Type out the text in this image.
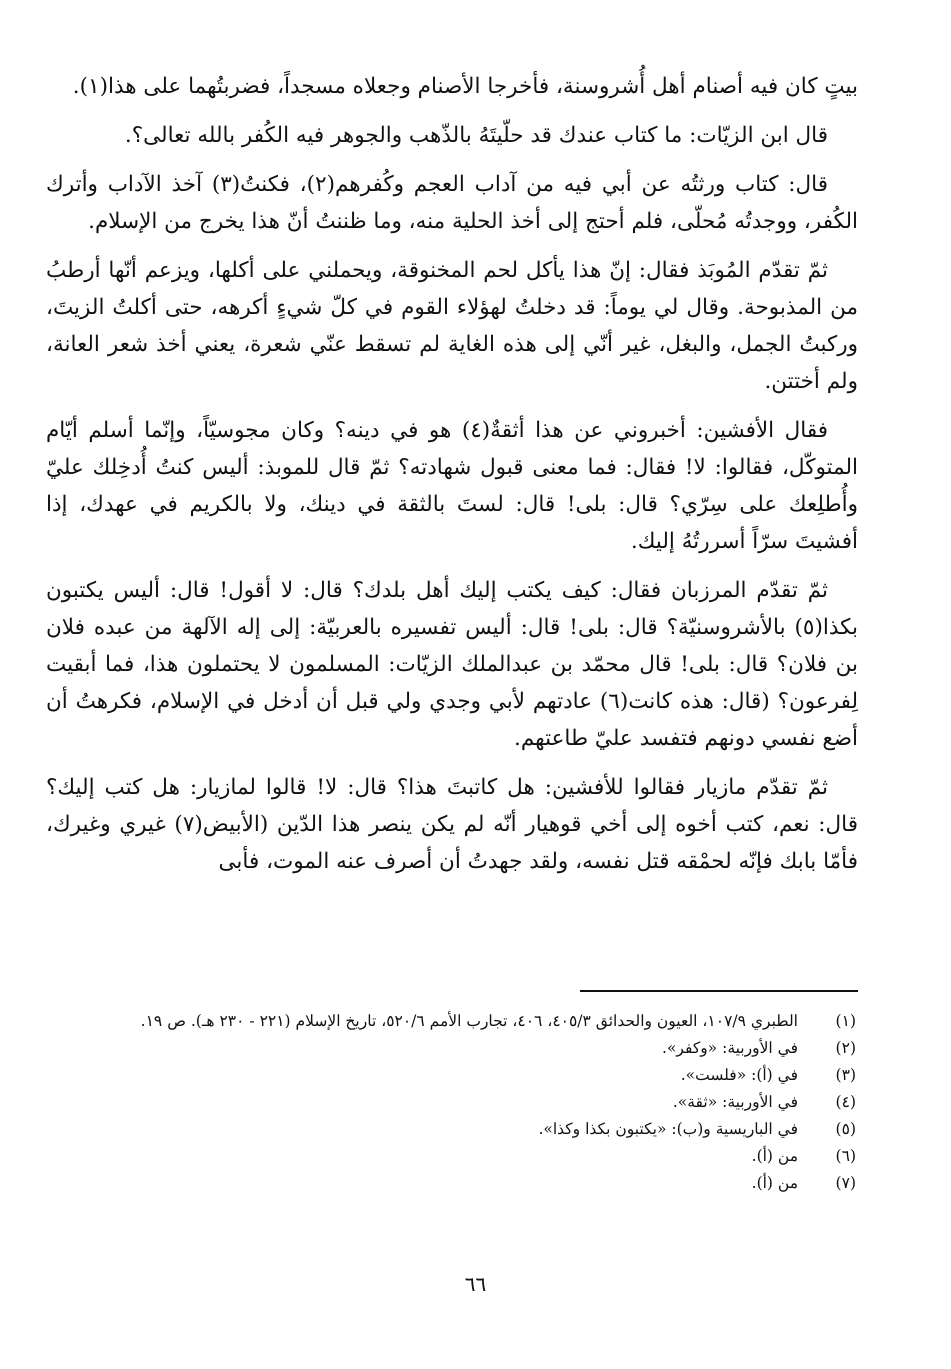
بيتٍ كان فيه أصنام أهل أُشروسنة، فأخرجا الأصنام وجعلاه مسجداً، فضربتُهما على هذا(١).

قال ابن الزيّات: ما كتاب عندك قد حلّيتَهُ بالذّهب والجوهر فيه الكُفر بالله تعالى؟.

قال: كتاب ورثتُه عن أبي فيه من آداب العجم وكُفرهم(٢)، فكنتُ(٣) آخذ الآداب وأترك الكُفر، ووجدتُه مُحلّى، فلم أحتج إلى أخذ الحلية منه، وما ظننتُ أنّ هذا يخرج من الإسلام.

ثمّ تقدّم المُوبَذ فقال: إنّ هذا يأكل لحم المخنوقة، ويحملني على أكلها، ويزعم أنّها أرطبُ من المذبوحة. وقال لي يوماً: قد دخلتُ لهؤلاء القوم في كلّ شيءٍ أكرهه، حتى أكلتُ الزيتَ، وركبتُ الجمل، والبغل، غير أنّي إلى هذه الغاية لم تسقط عنّي شعرة، يعني أخذ شعر العانة، ولم أختتن.

فقال الأفشين: أخبروني عن هذا أثقةٌ(٤) هو في دينه؟ وكان مجوسيّاً، وإنّما أسلم أيّام المتوكّل، فقالوا: لا! فقال: فما معنى قبول شهادته؟ ثمّ قال للموبذ: أليس كنتُ أُدخِلك عليّ وأُطلِعك على سِرّي؟ قال: بلى! قال: لستَ بالثقة في دينك، ولا بالكريم في عهدك، إذا أفشيتَ سرّاً أسررتُهُ إليك.

ثمّ تقدّم المرزبان فقال: كيف يكتب إليك أهل بلدك؟ قال: لا أقول! قال: أليس يكتبون بكذا(٥) بالأشروسنيّة؟ قال: بلى! قال: أليس تفسيره بالعربيّة: إلى إله الآلهة من عبده فلان بن فلان؟ قال: بلى! قال محمّد بن عبدالملك الزيّات: المسلمون لا يحتملون هذا، فما أبقيت لِفرعون؟ (قال: هذه كانت(٦) عادتهم لأبي وجدي ولي قبل أن أدخل في الإسلام، فكرهتُ أن أضع نفسي دونهم فتفسد عليّ طاعتهم.

ثمّ تقدّم مازيار فقالوا للأفشين: هل كاتبتَ هذا؟ قال: لا! قالوا لمازيار: هل كتب إليك؟ قال: نعم، كتب أخوه إلى أخي قوهيار أنّه لم يكن ينصر هذا الدّين (الأبيض(٧) غيري وغيرك، فأمّا بابك فإنّه لحمْقه قتل نفسه، ولقد جهدتُ أن أصرف عنه الموت، فأبى

(١)
الطبري ١٠٧/٩، العيون والحدائق ٤٠٥/٣، ٤٠٦، تجارب الأمم ٥٢٠/٦، تاريخ الإسلام (٢٢١ - ٢٣٠ هـ). ص ١٩.
(٢)
في الأوربية: «وكفر».
(٣)
في (أ): «فلست».
(٤)
في الأوربية: «ثقة».
(٥)
في الباريسية و(ب): «يكتبون بكذا وكذا».
(٦)
من (أ).
(٧)
من (أ).
٦٦
